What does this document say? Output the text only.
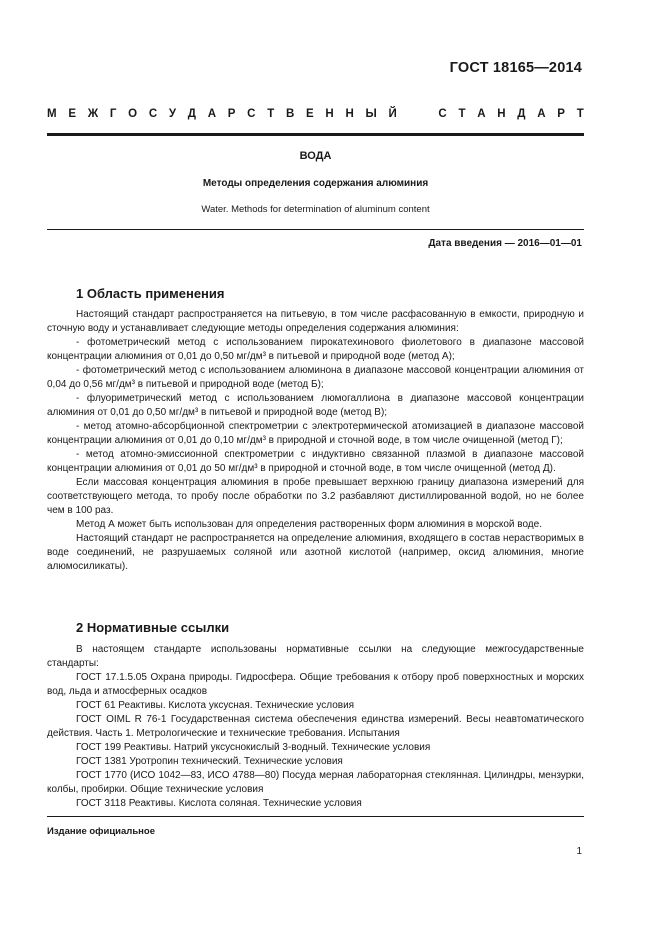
ГОСТ 18165—2014
М Е Ж Г О С У Д А Р С Т В Е Н Н Ы Й

	С Т А Н Д А Р Т
ВОДА
Методы определения содержания алюминия
Water. Methods for determination of aluminum content
Дата введения — 2016—01—01
1 Область применения

Настоящий стандарт распространяется на питьевую, в том числе расфасованную в емкости, природную и сточную воду и устанавливает следующие методы определения содержания алюминия:

- фотометрический метод с использованием пирокатехинового фиолетового в диапазоне массовой концентрации алюминия от 0,01 до 0,50 мг/дм³ в питьевой и природной воде (метод А);

- фотометрический метод с использованием алюминона в диапазоне массовой концентрации алюминия от 0,04 до 0,56 мг/дм³ в питьевой и природной воде (метод Б);

- флуориметрический метод с использованием люмогаллиона в диапазоне массовой концентрации алюминия от 0,01 до 0,50 мг/дм³ в питьевой и природной воде (метод В);

- метод атомно-абсорбционной спектрометрии с электротермической атомизацией в диапазоне массовой концентрации алюминия от 0,01 до 0,10 мг/дм³ в природной и сточной воде, в том числе очищенной (метод Г);

- метод атомно-эмиссионной спектрометрии с индуктивно связанной плазмой в диапазоне массовой концентрации алюминия от 0,01 до 50 мг/дм³ в природной и сточной воде, в том числе очищенной (метод Д).

Если массовая концентрация алюминия в пробе превышает верхнюю границу диапазона измерений для соответствующего метода, то пробу после обработки по 3.2 разбавляют дистиллированной водой, но не более чем в 100 раз.

Метод А может быть использован для определения растворенных форм алюминия в морской воде.

Настоящий стандарт не распространяется на определение алюминия, входящего в состав нерастворимых в воде соединений, не разрушаемых соляной или азотной кислотой (например, оксид алюминия, многие алюмосиликаты).

2 Нормативные ссылки

В настоящем стандарте использованы нормативные ссылки на следующие межгосударственные стандарты:

ГОСТ 17.1.5.05 Охрана природы. Гидросфера. Общие требования к отбору проб поверхностных и морских вод, льда и атмосферных осадков

ГОСТ 61 Реактивы. Кислота уксусная. Технические условия

ГОСТ OIML R 76-1 Государственная система обеспечения единства измерений. Весы неавтоматического действия. Часть 1. Метрологические и технические требования. Испытания

ГОСТ 199 Реактивы. Натрий уксуснокислый 3-водный. Технические условия

ГОСТ 1381 Уротропин технический. Технические условия

ГОСТ 1770 (ИСО 1042—83, ИСО 4788—80) Посуда мерная лабораторная стеклянная. Цилиндры, мензурки, колбы, пробирки. Общие технические условия

ГОСТ 3118 Реактивы. Кислота соляная. Технические условия

Издание официальное
1
